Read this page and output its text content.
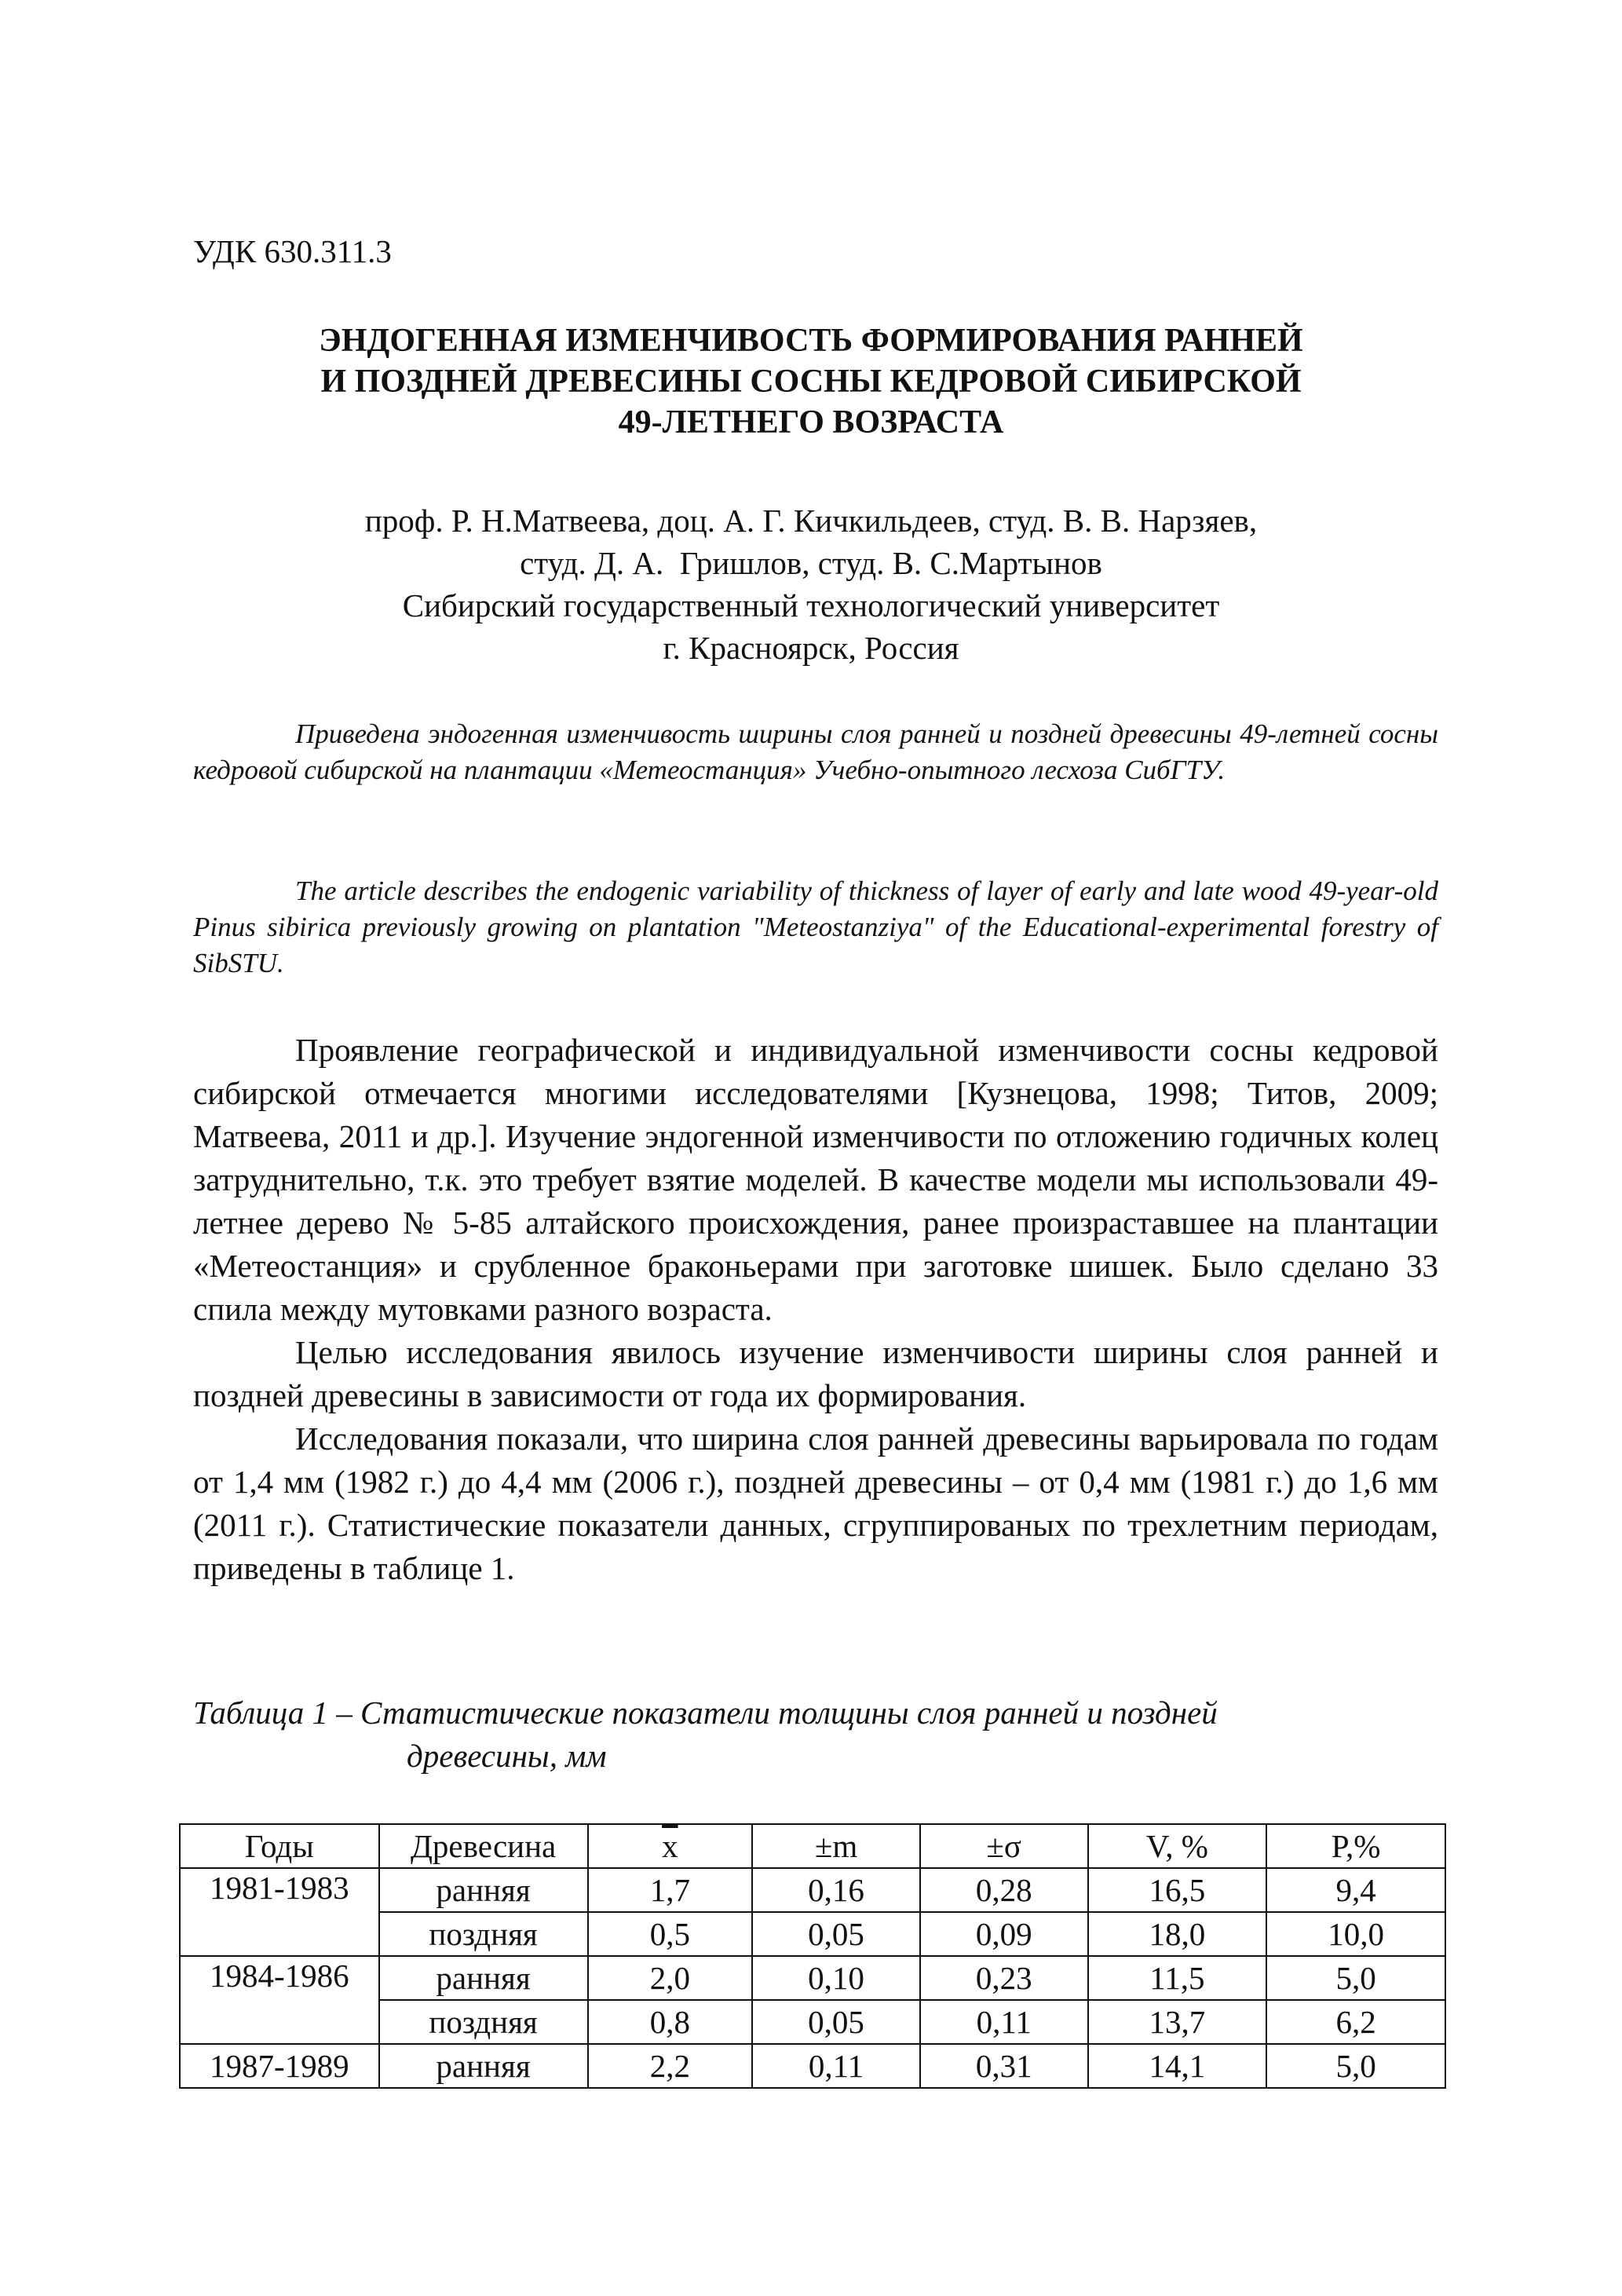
УДК 630.311.3
ЭНДОГЕННАЯ ИЗМЕНЧИВОСТЬ ФОРМИРОВАНИЯ РАННЕЙ
И ПОЗДНЕЙ ДРЕВЕСИНЫ СОСНЫ КЕДРОВОЙ СИБИРСКОЙ
49-ЛЕТНЕГО ВОЗРАСТА
проф. Р. Н.Матвеева, доц. А. Г. Кичкильдеев, студ. В. В. Нарзяев,
студ. Д. А.  Гришлов, студ. В. С.Мартынов
Сибирский государственный технологический университет
г. Красноярск, Россия
Приведена эндогенная изменчивость ширины слоя ранней и поздней древесины 49-летней сосны кедровой сибирской на плантации «Метеостанция» Учебно-опытного лесхоза СибГТУ.
The article describes the endogenic variability of thickness of layer of early and late wood 49-year-old Pinus sibirica previously growing on plantation "Meteostanziya" of the Educational-experimental forestry of SibSTU.

Проявление географической и индивидуальной изменчивости сосны кедровой сибирской отмечается многими исследователями [Кузнецова, 1998; Титов, 2009; Матвеева, 2011 и др.]. Изучение эндогенной изменчивости по отложению годичных колец затруднительно, т.к. это требует взятие моделей. В качестве модели мы использовали 49-летнее дерево № 5-85 алтайского происхождения, ранее произраставшее на плантации «Метеостанция» и срубленное браконьерами при заготовке шишек. Было сделано 33 спила между мутовками разного возраста.

Целью исследования явилось изучение изменчивости ширины слоя ранней и поздней древесины в зависимости от года их формирования.

Исследования показали, что ширина слоя ранней древесины варьировала по годам от 1,4 мм (1982 г.) до 4,4 мм (2006 г.), поздней древесины – от 0,4 мм (1981 г.) до 1,6 мм (2011 г.). Статистические показатели данных, сгруппированых по трехлетним периодам, приведены в таблице 1.

Таблица 1 – Статистические показатели толщины слоя ранней и поздней
древесины, мм
Годы	Древесина	$\overline{x}$	±m	±σ	V, %	P,%
1981-1983	ранняя	1,7	0,16	0,28	16,5	9,4
	поздняя	0,5	0,05	0,09	18,0	10,0
1984-1986	ранняя	2,0	0,10	0,23	11,5	5,0
	поздняя	0,8	0,05	0,11	13,7	6,2
1987-1989	ранняя	2,2	0,11	0,31	14,1	5,0
